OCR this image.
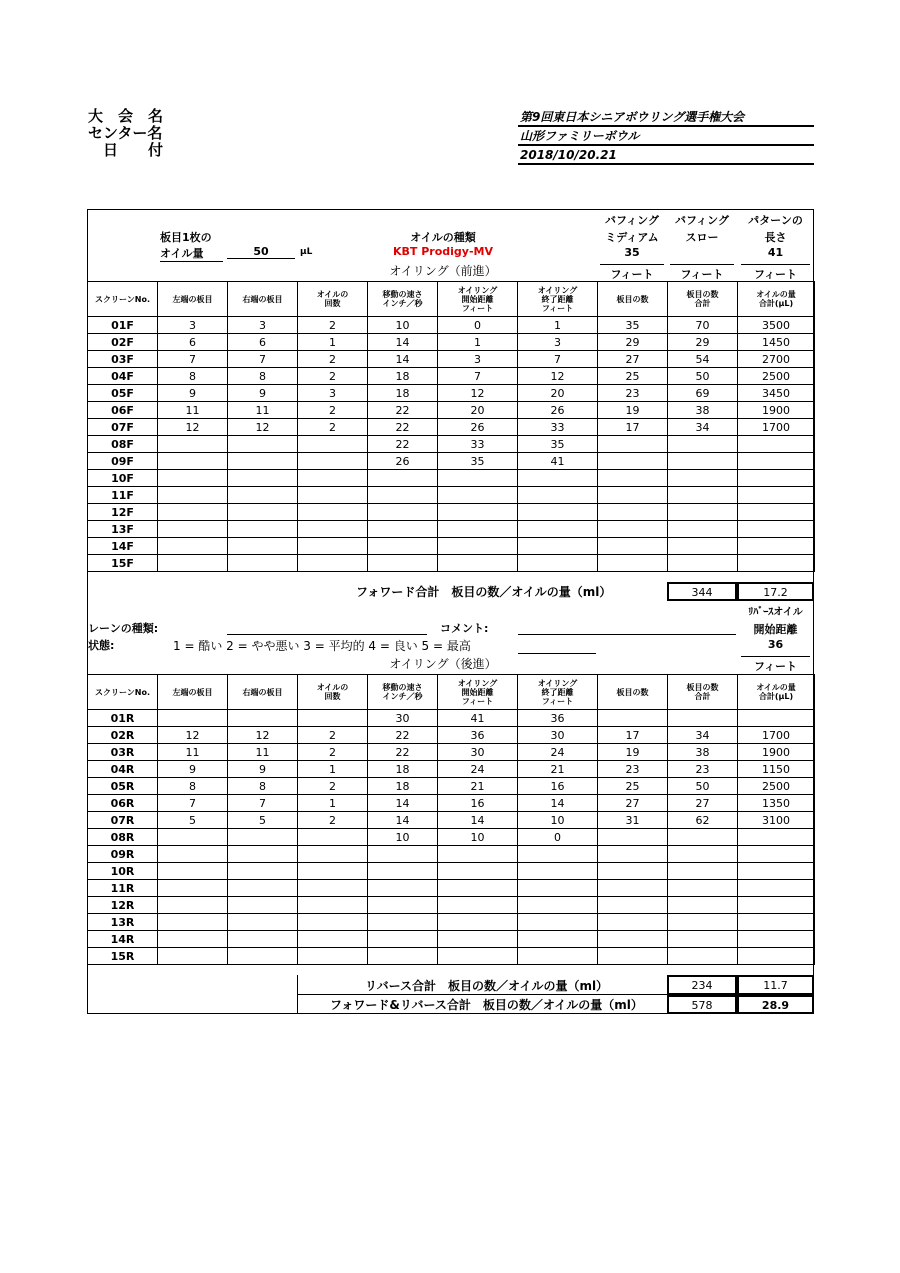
大　会　名
センター名
　日　　付
第9回東日本シニアボウリング選手権大会
山形ファミリーボウル
2018/10/20.21
板目1枚の
オイル量	50	μL
オイルの種類
KBT Prodigy-MV
オイリング（前進）
バフィング
ミディアム
35
フィート
バフィング
スロー
フィート
パターンの
長さ
41
フィート
スクリーンNo.	左端の板目	右端の板目	オイルの
回数	移動の速さ
インチ／秒	オイリング
開始距離
フィート	オイリング
終了距離
フィート	板目の数	板目の数
合計	オイルの量
合計(μL)
01F	3	3	2	10	0	1	35	70	3500
02F	6	6	1	14	1	3	29	29	1450
03F	7	7	2	14	3	7	27	54	2700
04F	8	8	2	18	7	12	25	50	2500
05F	9	9	3	18	12	20	23	69	3450
06F	11	11	2	22	20	26	19	38	1900
07F	12	12	2	22	26	33	17	34	1700
08F				22	33	35			
09F				26	35	41			
10F									
11F									
12F									
13F									
14F									
15F									
フォワード合計　板目の数／オイルの量（ml）	344	17.2
レーンの種類:
状態:	1 = 酷い 2 = やや悪い 3 = 平均的 4 = 良い 5 = 最高
コメント:
ﾘﾊﾞｰｽオイル
開始距離
36
フィート
オイリング（後進）
スクリーンNo.	左端の板目	右端の板目	オイルの
回数	移動の速さ
インチ／秒	オイリング
開始距離
フィート	オイリング
終了距離
フィート	板目の数	板目の数
合計	オイルの量
合計(μL)
01R				30	41	36			
02R	12	12	2	22	36	30	17	34	1700
03R	11	11	2	22	30	24	19	38	1900
04R	9	9	1	18	24	21	23	23	1150
05R	8	8	2	18	21	16	25	50	2500
06R	7	7	1	14	16	14	27	27	1350
07R	5	5	2	14	14	10	31	62	3100
08R				10	10	0			
09R									
10R									
11R									
12R									
13R									
14R									
15R									
リバース合計　板目の数／オイルの量（ml）	234	11.7
フォワード&リバース合計　板目の数／オイルの量（ml）	578	28.9
